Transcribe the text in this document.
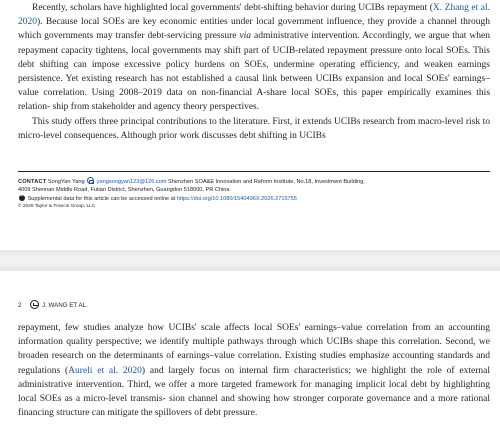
Recently, scholars have highlighted local governments' debt-shifting behavior during UCIBs repayment (X. Zhang et al. 2020). Because local SOEs are key economic entities under local government influence, they provide a channel through which governments may transfer debt-servicing pressure via administrative intervention. Accordingly, we argue that when repayment capacity tightens, local governments may shift part of UCIB-related repayment pressure onto local SOEs. This debt shifting can impose excessive policy burdens on SOEs, undermine operating efficiency, and weaken earnings persistence. Yet existing research has not established a causal link between UCIBs expansion and local SOEs' earnings–value correlation. Using 2008–2019 data on non-financial A-share local SOEs, this paper empirically examines this relation- ship from stakeholder and agency theory perspectives.

This study offers three principal contributions to the literature. First, it extends UCIBs research from macro-level risk to micro-level consequences. Although prior work discusses debt shifting in UCIBs

CONTACT SongYan Yang yangsongyan123@126.com Shenzhen SOA&E Innovation and Reform Institute, No.18, Investment Building,
4009 Shennan Middle Road, Futian District, Shenzhen, Guangdon 518000, PR China
+ Supplemental data for this article can be accessed online at https://doi.org/10.1080/1540496X.2026.2715755
© 2026 Taylor & Francis Group, LLC
2	J. WANG ET AL.

repayment, few studies analyze how UCIBs' scale affects local SOEs' earnings–value correlation from an accounting information quality perspective; we identify multiple pathways through which UCIBs shape this correlation. Second, we broaden research on the determinants of earnings–value correlation. Existing studies emphasize accounting standards and regulations (Aureli et al. 2020) and largely focus on internal firm characteristics; we highlight the role of external administrative intervention. Third, we offer a more targeted framework for managing implicit local debt by highlighting local SOEs as a micro-level transmis- sion channel and showing how stronger corporate governance and a more rational financing structure can mitigate the spillovers of debt pressure.
